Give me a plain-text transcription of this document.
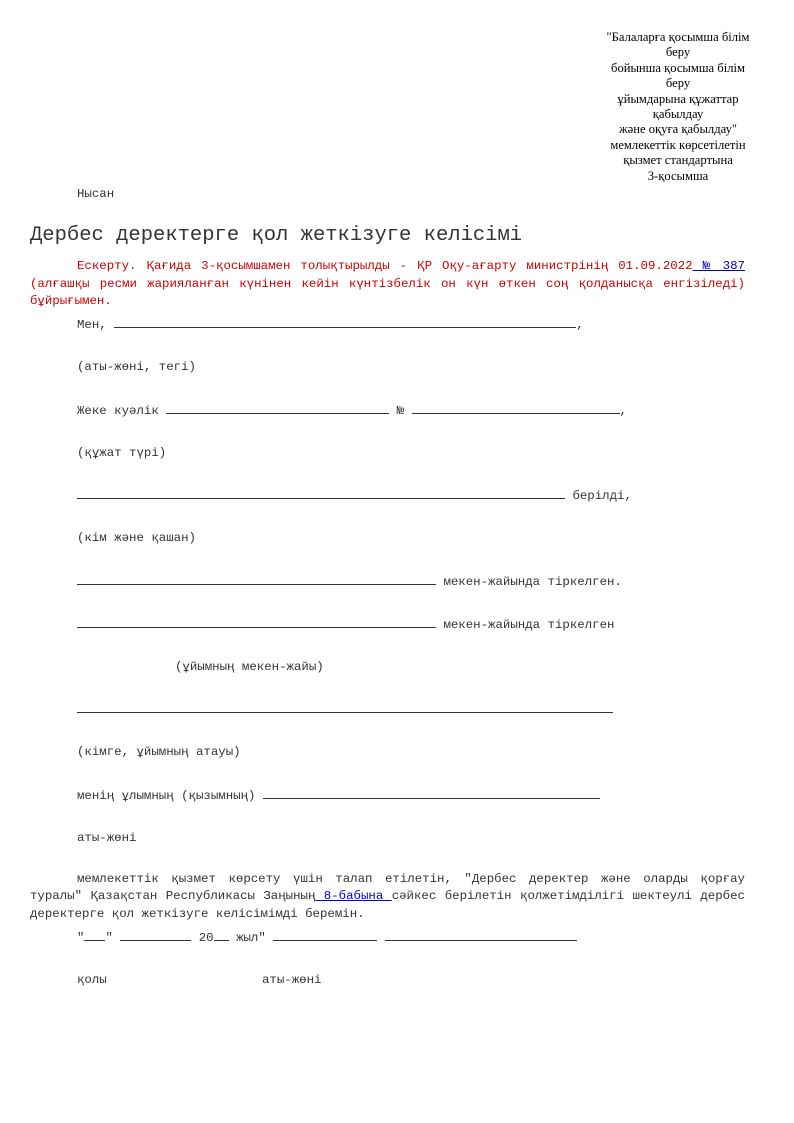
"Балаларға қосымша білім
беру
бойынша қосымша білім
беру
ұйымдарына құжаттар
қабылдау
және оқуға қабылдау"
мемлекеттік көрсетілетін
қызмет стандартына
3-қосымша
Нысан
Дербес деректерге қол жеткізуге келісімі
Ескерту. Қағида 3-қосымшамен толықтырылды - ҚР Оқу-ағарту министрінің 01.09.2022 № 387 (алғашқы ресми жарияланған күнінен кейін күнтізбелік он күн өткен соң қолданысқа енгізіледі) бұйрығымен.
Мен,	,
(аты-жөні, тегі)
Жеке куәлік	№	,
(құжат түрі)
берілді,
(кім және қашан)
мекен-жайында тіркелген.
мекен-жайында тіркелген
(ұйымның мекен-жайы)
(кімге, ұйымның атауы)
менің ұлымның (қызымның)
аты-жөні
мемлекеттік қызмет көрсету үшін талап етілетін, "Дербес деректер және оларды қорғау туралы" Қазақстан Республикасы Заңының 8-бабына сәйкес берілетін қолжетімділігі шектеулі дербес деректерге қол жеткізуге келісімімді беремін.
" "	20 жыл"
қолы	аты-жөні
